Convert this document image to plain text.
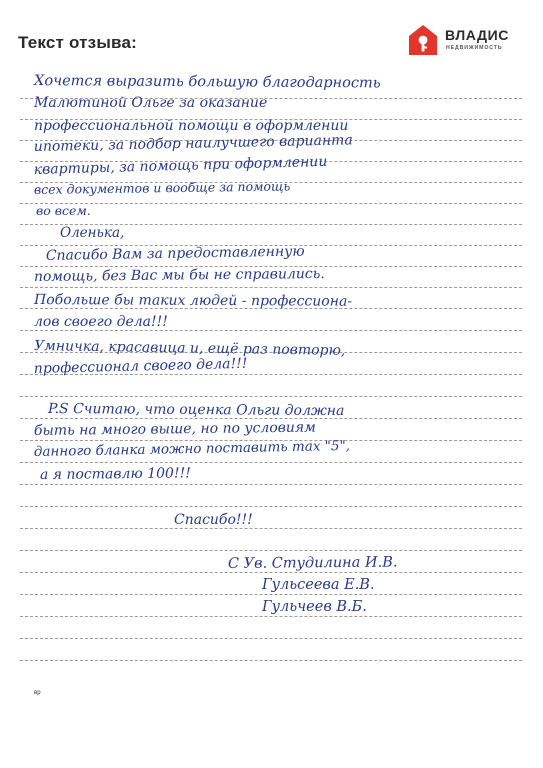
Текст отзыва:	ВЛАДИС
НЕДВИЖИМОСТЬ
Хочется выразить большую благодарность
Малютиной Ольге за оказание
профессиональной помощи в оформлении
ипотеки, за подбор наилучшего варианта
квартиры, за помощь при оформлении
всех документов и вообще за помощь
во всем.
Оленька,
Спасибо Вам за предоставленную
помощь, без Вас мы бы не справились.
Побольше бы таких людей - профессиона-
лов своего дела!!!
Умничка, красавица и, ещё раз повторю,
профессионал своего дела!!!
P.S Считаю, что оценка Ольги должна
быть на много выше, но по условиям
данного бланка можно поставить max "5",
а я поставлю 100!!!
Спасибо!!!
С Ув. Студилина И.В.
Гульсеева Е.В.
Гульчеев В.Б.
вр
